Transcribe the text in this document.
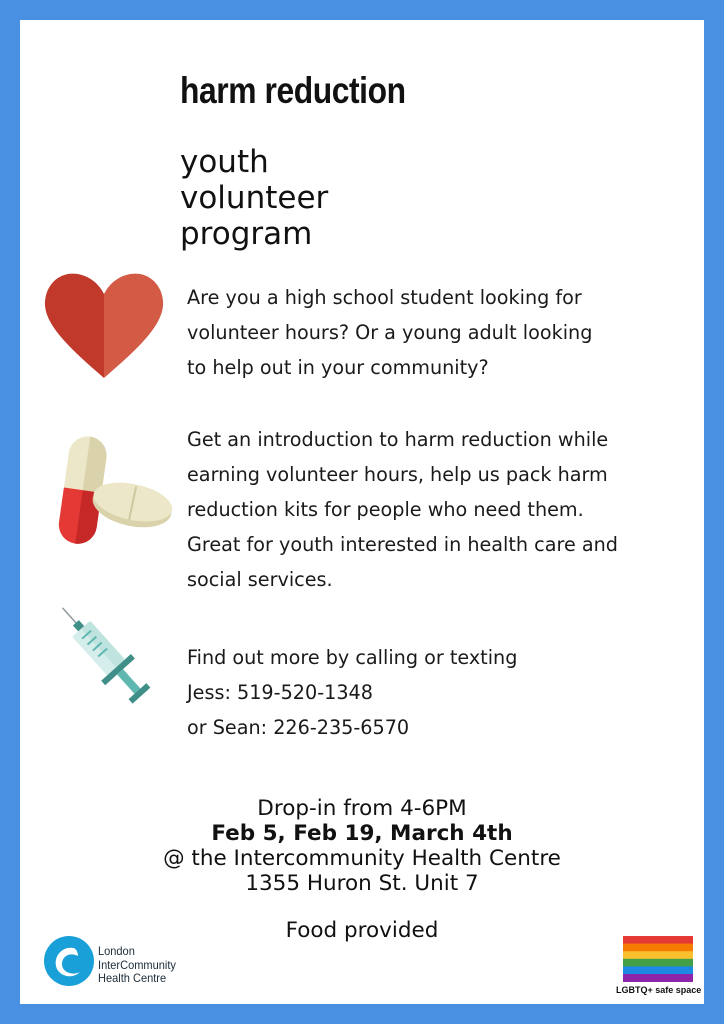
harm reduction
youth
volunteer
program
Are you a high school student looking for
volunteer hours? Or a young adult looking
to help out in your community?
Get an introduction to harm reduction while
earning volunteer hours, help us pack harm
reduction kits for people who need them.
Great for youth interested in health care and
social services.
Find out more by calling or texting
Jess: 519-520-1348
or Sean: 226-235-6570
Drop-in from 4-6PM
Feb 5, Feb 19, March 4th
@ the Intercommunity Health Centre
1355 Huron St. Unit 7
Food provided
London
InterCommunity
Health Centre
LGBTQ+ safe space
